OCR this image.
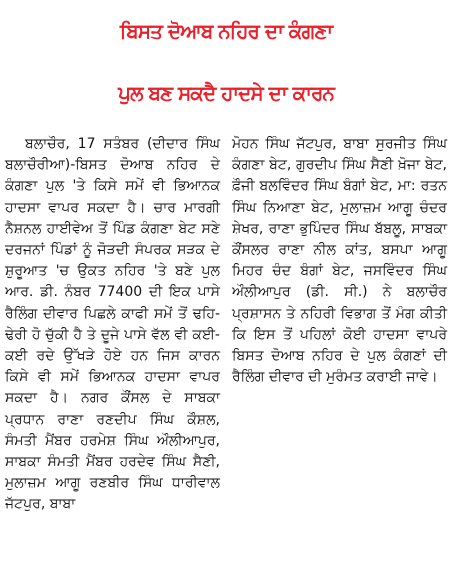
ਬਿਸਤ ਦੋਆਬ ਨਹਿਰ ਦਾ ਕੰਗਣਾ
ਪੁਲ ਬਣ ਸਕਦੈ ਹਾਦਸੇ ਦਾ ਕਾਰਨ

ਬਲਾਚੌਰ, 17 ਸਤੰਬਰ (ਦੀਦਾਰ ਸਿੰਘ ਬਲਾਚੌਰੀਆ)-ਬਿਸਤ ਦੋਆਬ ਨਹਿਰ ਦੇ ਕੰਗਣਾ ਪੁਲ 'ਤੇ ਕਿਸੇ ਸਮੇਂ ਵੀ ਭਿਆਨਕ ਹਾਦਸਾ ਵਾਪਰ ਸਕਦਾ ਹੈ। ਚਾਰ ਮਾਰਗੀ ਨੈਸ਼ਨਲ ਹਾਈਵੇਅ ਤੋਂ ਪਿੰਡ ਕੰਗਣਾ ਬੇਟ ਸਣੇ ਦਰਜਨਾਂ ਪਿੰਡਾਂ ਨੂੰ ਜੋੜਦੀ ਸੰਪਰਕ ਸੜਕ ਦੇ ਸ਼ੁਰੂਆਤ 'ਚ ਉਕਤ ਨਹਿਰ 'ਤੇ ਬਣੇ ਪੁਲ ਆਰ. ਡੀ. ਨੰਬਰ 77400 ਦੀ ਇਕ ਪਾਸੇ ਰੈਲਿੰਗ ਦੀਵਾਰ ਪਿਛਲੇ ਕਾਫੀ ਸਮੇਂ ਤੋਂ ਢਹਿ-ਢੇਰੀ ਹੋ ਚੁੱਕੀ ਹੈ ਤੇ ਦੂਜੇ ਪਾਸੇ ਵੱਲ ਵੀ ਕਈ-ਕਈ ਰਦੇ ਉੱਖੜੇ ਹੋਏ ਹਨ ਜਿਸ ਕਾਰਨ ਕਿਸੇ ਵੀ ਸਮੇਂ ਭਿਆਨਕ ਹਾਦਸਾ ਵਾਪਰ ਸਕਦਾ ਹੈ। ਨਗਰ ਕੌਂਸਲ ਦੇ ਸਾਬਕਾ ਪ੍ਰਧਾਨ ਰਾਣਾ ਰਣਦੀਪ ਸਿੰਘ ਕੌਸ਼ਲ, ਸੰਮਤੀ ਮੈਂਬਰ ਹਰਮੇਸ਼ ਸਿੰਘ ਔਲੀਆਪੁਰ, ਸਾਬਕਾ ਸੰਮਤੀ ਮੈਂਬਰ ਹਰਦੇਵ ਸਿੰਘ ਸੈਣੀ, ਮੁਲਾਜ਼ਮ ਆਗੂ ਰਣਬੀਰ ਸਿੰਘ ਧਾਰੀਵਾਲ ਜੱਟਪੁਰ, ਬਾਬਾ

ਮੋਹਨ ਸਿੰਘ ਜੱਟਪੁਰ, ਬਾਬਾ ਸੁਰਜੀਤ ਸਿੰਘ ਕੰਗਣਾ ਬੇਟ, ਗੁਰਦੀਪ ਸਿੰਘ ਸੈਣੀ ਖ਼ੋਜਾ ਬੇਟ, ਫ਼ੌਜੀ ਬਲਵਿੰਦਰ ਸਿੰਘ ਬੰਗਾਂ ਬੇਟ, ਮਾ: ਰਤਨ ਸਿੰਘ ਨਿਆਣਾ ਬੇਟ, ਮੁਲਾਜ਼ਮ ਆਗੂ ਚੰਦਰ ਸ਼ੇਖਰ, ਰਾਣਾ ਭੁਪਿੰਦਰ ਸਿੰਘ ਬੱਬਲੂ, ਸਾਬਕਾ ਕੌਂਸਲਰ ਰਾਣਾ ਨੀਲ ਕਾਂਤ, ਬਸਪਾ ਆਗੂ ਮਿਹਰ ਚੰਦ ਬੰਗਾਂ ਬੇਟ, ਜਸਵਿੰਦਰ ਸਿੰਘ ਔਲੀਆਪੁਰ (ਡੀ. ਸੀ.) ਨੇ ਬਲਾਚੌਰ ਪ੍ਰਸ਼ਾਸਨ ਤੇ ਨਹਿਰੀ ਵਿਭਾਗ ਤੋਂ ਮੰਗ ਕੀਤੀ ਕਿ ਇਸ ਤੋਂ ਪਹਿਲਾਂ ਕੋਈ ਹਾਦਸਾ ਵਾਪਰੇ ਬਿਸਤ ਦੋਆਬ ਨਹਿਰ ਦੇ ਪੁਲ ਕੰਗਣਾਂ ਦੀ ਰੈਲਿੰਗ ਦੀਵਾਰ ਦੀ ਮੁਰੰਮਤ ਕਰਾਈ ਜਾਵੇ।
